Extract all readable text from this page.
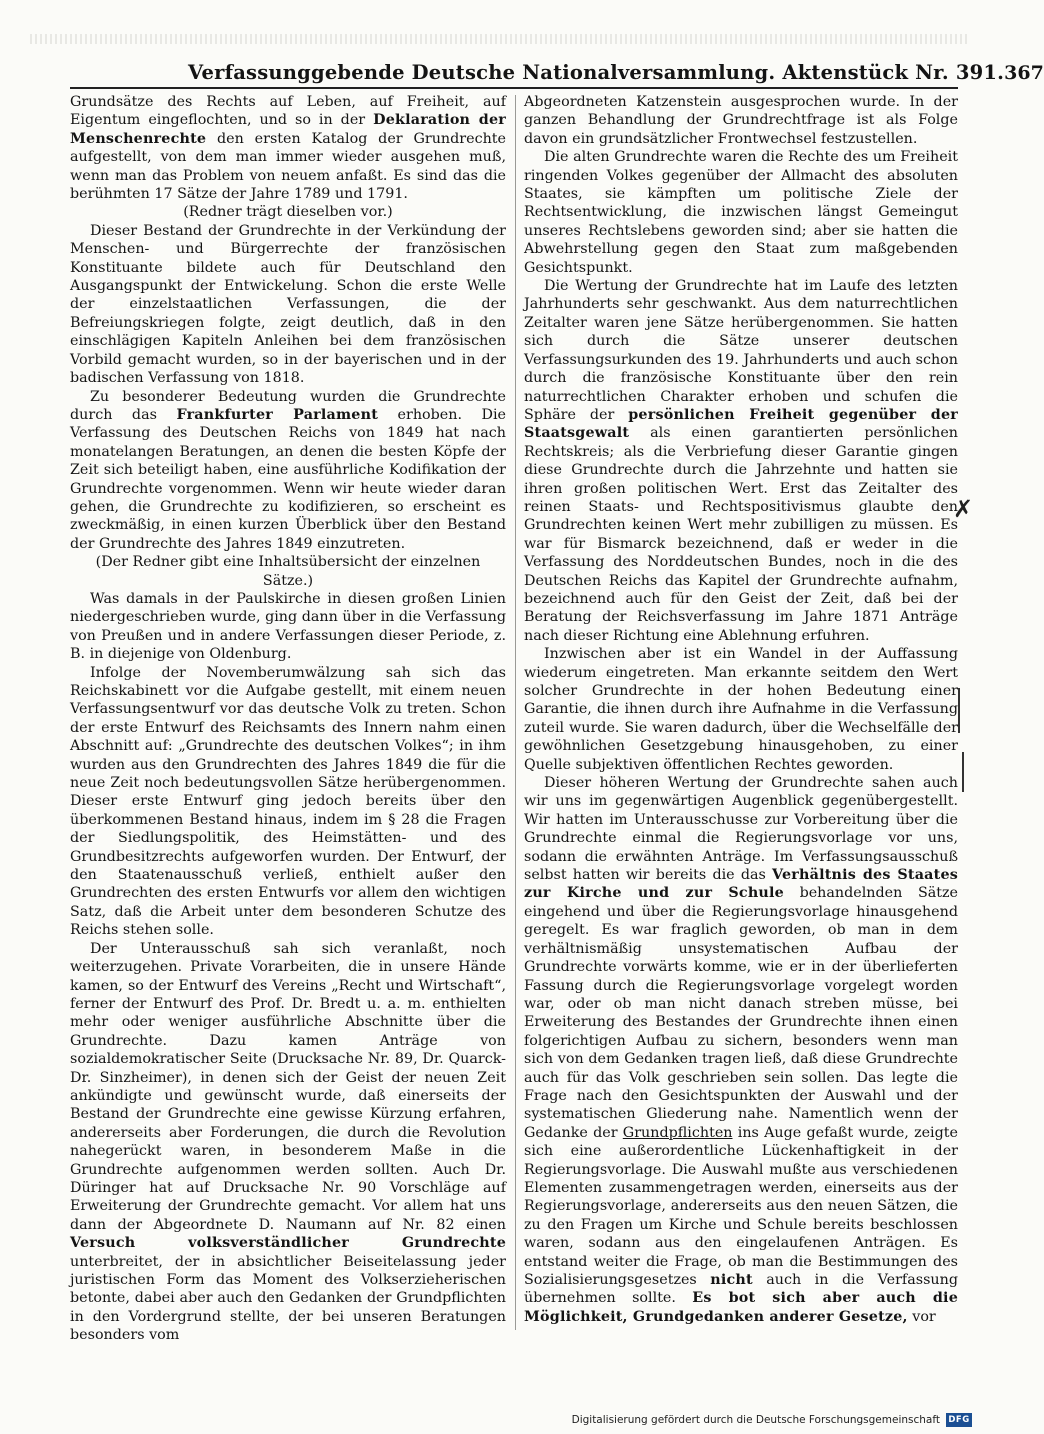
Verfassunggebende Deutsche Nationalversammlung. Aktenstück Nr. 391. 367

Grundsätze des Rechts auf Leben, auf Freiheit, auf Eigentum eingeflochten, und so in der Deklaration der Menschenrechte den ersten Katalog der Grundrechte aufgestellt, von dem man immer wieder ausgehen muß, wenn man das Problem von neuem anfaßt. Es sind das die berühmten 17 Sätze der Jahre 1789 und 1791.

(Redner trägt dieselben vor.)

Dieser Bestand der Grundrechte in der Verkündung der Menschen- und Bürgerrechte der französischen Konstituante bildete auch für Deutschland den Ausgangspunkt der Entwickelung. Schon die erste Welle der einzelstaatlichen Verfassungen, die der Befreiungskriegen folgte, zeigt deutlich, daß in den einschlägigen Kapiteln Anleihen bei dem französischen Vorbild gemacht wurden, so in der bayerischen und in der badischen Verfassung von 1818.

Zu besonderer Bedeutung wurden die Grundrechte durch das Frankfurter Parlament erhoben. Die Verfassung des Deutschen Reichs von 1849 hat nach monatelangen Beratungen, an denen die besten Köpfe der Zeit sich beteiligt haben, eine ausführliche Kodifikation der Grundrechte vorgenommen. Wenn wir heute wieder daran gehen, die Grundrechte zu kodifizieren, so erscheint es zweckmäßig, in einen kurzen Überblick über den Bestand der Grundrechte des Jahres 1849 einzutreten.

(Der Redner gibt eine Inhaltsübersicht der einzelnen Sätze.)

Was damals in der Paulskirche in diesen großen Linien niedergeschrieben wurde, ging dann über in die Verfassung von Preußen und in andere Verfassungen dieser Periode, z. B. in diejenige von Oldenburg.

Infolge der Novemberumwälzung sah sich das Reichskabinett vor die Aufgabe gestellt, mit einem neuen Verfassungsentwurf vor das deutsche Volk zu treten. Schon der erste Entwurf des Reichsamts des Innern nahm einen Abschnitt auf: „Grundrechte des deutschen Volkes“; in ihm wurden aus den Grundrechten des Jahres 1849 die für die neue Zeit noch bedeutungsvollen Sätze herübergenommen. Dieser erste Entwurf ging jedoch bereits über den überkommenen Bestand hinaus, indem im § 28 die Fragen der Siedlungspolitik, des Heimstätten- und des Grundbesitzrechts aufgeworfen wurden. Der Entwurf, der den Staatenausschuß verließ, enthielt außer den Grundrechten des ersten Entwurfs vor allem den wichtigen Satz, daß die Arbeit unter dem besonderen Schutze des Reichs stehen solle.

Der Unterausschuß sah sich veranlaßt, noch weiterzugehen. Private Vorarbeiten, die in unsere Hände kamen, so der Entwurf des Vereins „Recht und Wirtschaft“, ferner der Entwurf des Prof. Dr. Bredt u. a. m. enthielten mehr oder weniger ausführliche Abschnitte über die Grundrechte. Dazu kamen Anträge von sozialdemokratischer Seite (Drucksache Nr. 89, Dr. Quarck-Dr. Sinzheimer), in denen sich der Geist der neuen Zeit ankündigte und gewünscht wurde, daß einerseits der Bestand der Grundrechte eine gewisse Kürzung erfahren, andererseits aber Forderungen, die durch die Revolution nahegerückt waren, in besonderem Maße in die Grundrechte aufgenommen werden sollten. Auch Dr. Düringer hat auf Drucksache Nr. 90 Vorschläge auf Erweiterung der Grundrechte gemacht. Vor allem hat uns dann der Abgeordnete D. Naumann auf Nr. 82 einen Versuch volksverständlicher Grundrechte unterbreitet, der in absichtlicher Beiseitelassung jeder juristischen Form das Moment des Volkserzieherischen betonte, dabei aber auch den Gedanken der Grundpflichten in den Vordergrund stellte, der bei unseren Beratungen besonders vom

Abgeordneten Katzenstein ausgesprochen wurde. In der ganzen Behandlung der Grundrechtfrage ist als Folge davon ein grundsätzlicher Frontwechsel festzustellen.

Die alten Grundrechte waren die Rechte des um Freiheit ringenden Volkes gegenüber der Allmacht des absoluten Staates, sie kämpften um politische Ziele der Rechtsentwicklung, die inzwischen längst Gemeingut unseres Rechtslebens geworden sind; aber sie hatten die Abwehrstellung gegen den Staat zum maßgebenden Gesichtspunkt.

Die Wertung der Grundrechte hat im Laufe des letzten Jahrhunderts sehr geschwankt. Aus dem naturrechtlichen Zeitalter waren jene Sätze herübergenommen. Sie hatten sich durch die Sätze unserer deutschen Verfassungsurkunden des 19. Jahrhunderts und auch schon durch die französische Konstituante über den rein naturrechtlichen Charakter erhoben und schufen die Sphäre der persönlichen Freiheit gegenüber der Staatsgewalt als einen garantierten persönlichen Rechtskreis; als die Verbriefung dieser Garantie gingen diese Grundrechte durch die Jahrzehnte und hatten sie ihren großen politischen Wert. Erst das Zeitalter des reinen Staats- und Rechtspositivismus glaubte den Grundrechten keinen Wert mehr zubilligen zu müssen. Es war für Bismarck bezeichnend, daß er weder in die Verfassung des Norddeutschen Bundes, noch in die des Deutschen Reichs das Kapitel der Grundrechte aufnahm, bezeichnend auch für den Geist der Zeit, daß bei der Beratung der Reichsverfassung im Jahre 1871 Anträge nach dieser Richtung eine Ablehnung erfuhren.

Inzwischen aber ist ein Wandel in der Auffassung wiederum eingetreten. Man erkannte seitdem den Wert solcher Grundrechte in der hohen Bedeutung einer Garantie, die ihnen durch ihre Aufnahme in die Verfassung zuteil wurde. Sie waren dadurch, über die Wechselfälle der gewöhnlichen Gesetzgebung hinausgehoben, zu einer Quelle subjektiven öffentlichen Rechtes geworden.

Dieser höheren Wertung der Grundrechte sahen auch wir uns im gegenwärtigen Augenblick gegenübergestellt. Wir hatten im Unterausschusse zur Vorbereitung über die Grundrechte einmal die Regierungsvorlage vor uns, sodann die erwähnten Anträge. Im Verfassungsausschuß selbst hatten wir bereits die das Verhältnis des Staates zur Kirche und zur Schule behandelnden Sätze eingehend und über die Regierungsvorlage hinausgehend geregelt. Es war fraglich geworden, ob man in dem verhältnismäßig unsystematischen Aufbau der Grundrechte vorwärts komme, wie er in der überlieferten Fassung durch die Regierungsvorlage vorgelegt worden war, oder ob man nicht danach streben müsse, bei Erweiterung des Bestandes der Grundrechte ihnen einen folgerichtigen Aufbau zu sichern, besonders wenn man sich von dem Gedanken tragen ließ, daß diese Grundrechte auch für das Volk geschrieben sein sollen. Das legte die Frage nach den Gesichtspunkten der Auswahl und der systematischen Gliederung nahe. Namentlich wenn der Gedanke der Grundpflichten ins Auge gefaßt wurde, zeigte sich eine außerordentliche Lückenhaftigkeit in der Regierungsvorlage. Die Auswahl mußte aus verschiedenen Elementen zusammengetragen werden, einerseits aus der Regierungsvorlage, andererseits aus den neuen Sätzen, die zu den Fragen um Kirche und Schule bereits beschlossen waren, sodann aus den eingelaufenen Anträgen. Es entstand weiter die Frage, ob man die Bestimmungen des Sozialisierungsgesetzes nicht auch in die Verfassung übernehmen sollte. Es bot sich aber auch die Möglichkeit, Grundgedanken anderer Gesetze, vor

✗
Digitalisierung gefördert durch die Deutsche Forschungsgemeinschaft DFG
